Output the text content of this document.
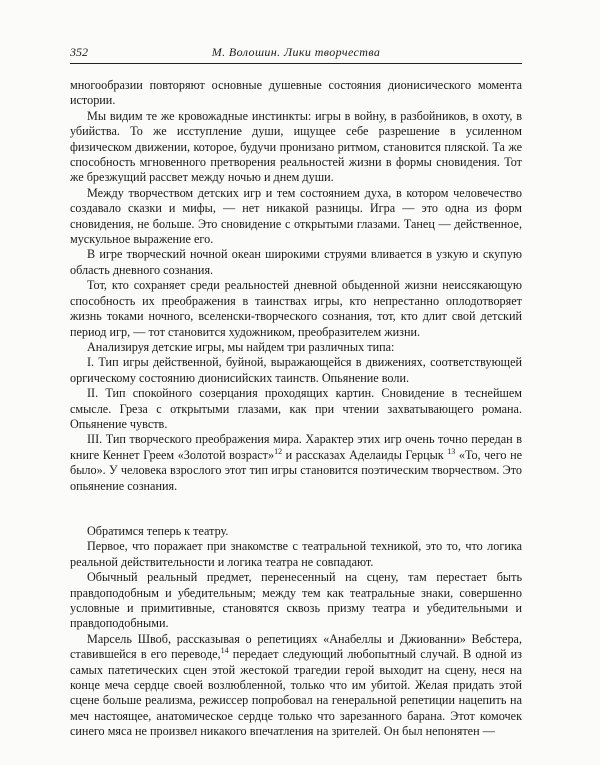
352	М. Волошин. Лики творчества

многообразии повторяют основные душевные состояния дионисического момента истории.

Мы видим те же кровожадные инстинкты: игры в войну, в разбойников, в охоту, в убийства. То же исступление души, ищущее себе разрешение в усиленном физическом движении, которое, будучи пронизано ритмом, становится пляской. Та же способность мгновенного претворения реальностей жизни в формы сновидения. Тот же брезжущий рассвет между ночью и днем души.

Между творчеством детских игр и тем состоянием духа, в котором человечество создавало сказки и мифы, — нет никакой разницы. Игра — это одна из форм сновидения, не больше. Это сновидение с открытыми глазами. Танец — действенное, мускульное выражение его.

В игре творческий ночной океан широкими струями вливается в узкую и скупую область дневного сознания.

Тот, кто сохраняет среди реальностей дневной обыденной жизни неиссякающую способность их преображения в таинствах игры, кто непрестанно оплодотворяет жизнь токами ночного, вселенски-творческого сознания, тот, кто длит свой детский период игр, — тот становится художником, преобразителем жизни.

Анализируя детские игры, мы найдем три различных типа:

I. Тип игры действенной, буйной, выражающейся в движениях, соответствующей оргическому состоянию дионисийских таинств. Опьянение воли.

II. Тип спокойного созерцания проходящих картин. Сновидение в теснейшем смысле. Греза с открытыми глазами, как при чтении захватывающего романа. Опьянение чувств.

III. Тип творческого преображения мира. Характер этих игр очень точно передан в книге Кеннет Греем «Золотой возраст»$^{12}$ и рассказах Аделаиды Герцык $^{13}$ «То, чего не было». У человека взрослого этот тип игры становится поэтическим творчеством. Это опьянение сознания.

Обратимся теперь к театру.

Первое, что поражает при знакомстве с театральной техникой, это то, что логика реальной действительности и логика театра не совпадают.

Обычный реальный предмет, перенесенный на сцену, там перестает быть правдоподобным и убедительным; между тем как театральные знаки, совершенно условные и примитивные, становятся сквозь призму театра и убедительными и правдоподобными.

Марсель Швоб, рассказывая о репетициях «Анабеллы и Джиованни» Вебстера, ставившейся в его переводе,$^{14}$ передает следующий любопытный случай. В одной из самых патетических сцен этой жестокой трагедии герой выходит на сцену, неся на конце меча сердце своей возлюбленной, только что им убитой. Желая придать этой сцене больше реализма, режиссер попробовал на генеральной репетиции нацепить на меч настоящее, анатомическое сердце только что зарезанного барана. Этот комочек синего мяса не произвел никакого впечатления на зрителей. Он был непонятен —
